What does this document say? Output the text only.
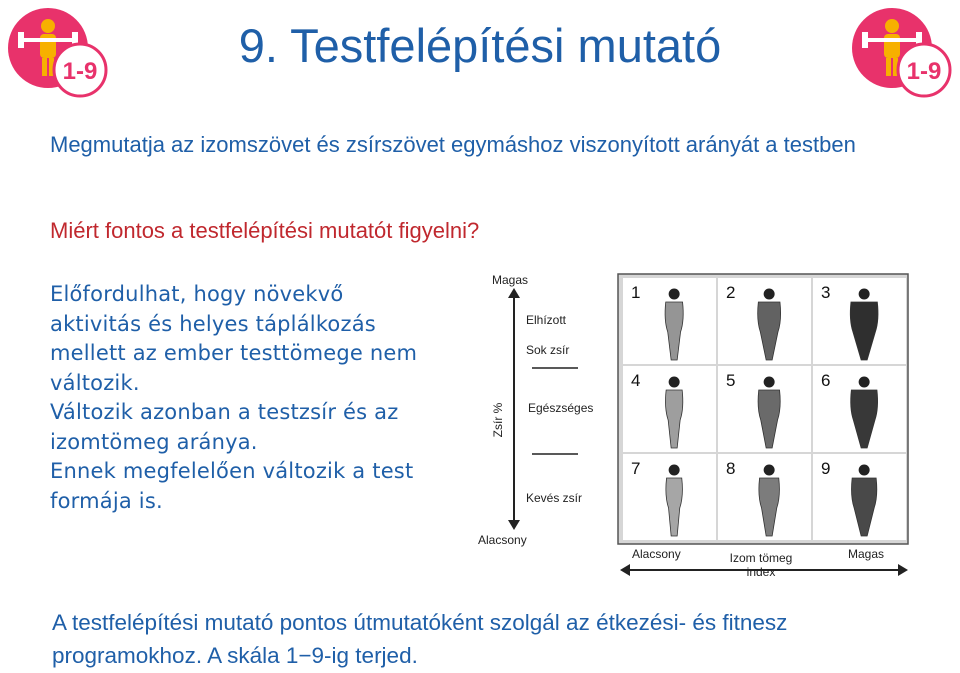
1-9	1-9
9. Testfelépítési mutató

Megmutatja az izomszövet és zsírszövet egymáshoz viszonyított arányát a testben

Miért fontos a testfelépítési mutatót figyelni?

Előfordulhat, hogy növekvő
aktivitás és helyes táplálkozás
mellett az ember testtömege nem
változik.
Változik azonban a testzsír és az
izomtömeg aránya.
Ennek megfelelően változik a test
formája is.
Magas
Alacsony
Zsír %
Elhízott
Sok zsír
Egészséges
Kevés zsír
1	2	3
4	5	6
7	8	9
Alacsony	Izom tömeg
index
Magas

A testfelépítési mutató pontos útmutatóként szolgál az étkezési- és fitnesz programokhoz. A skála 1−9-ig terjed.
